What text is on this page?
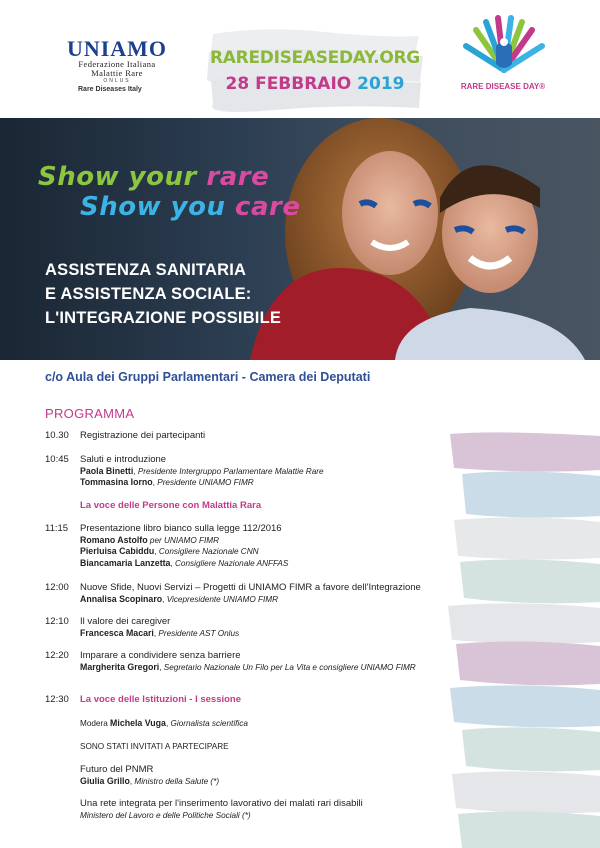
UNIAMO
Federazione Italiana
Malattie Rare
ONLUS
Rare Diseases Italy
RAREDISEASEDAY.ORG
28 FEBBRAIO 2019	RARE DISEASE DAY®
Show your rare
Show you care
ASSISTENZA SANITARIA
E ASSISTENZA SOCIALE:
L'INTEGRAZIONE POSSIBILE
c/o Aula dei Gruppi Parlamentari - Camera dei Deputati
PROGRAMMA
10.30 Registrazione dei partecipanti
10:45 Saluti e introduzione
Paola Binetti, Presidente Intergruppo Parlamentare Malattie Rare
Tommasina Iorno, Presidente UNIAMO FIMR
La voce delle Persone con Malattia Rara
11:15 Presentazione libro bianco sulla legge 112/2016
Romano Astolfo per UNIAMO FIMR
Pierluisa Cabiddu, Consigliere Nazionale CNN
Biancamaria Lanzetta, Consigliere Nazionale ANFFAS
12:00 Nuove Sfide, Nuovi Servizi – Progetti di UNIAMO FIMR a favore dell'Integrazione
Annalisa Scopinaro, Vicepresidente UNIAMO FIMR
12:10 Il valore dei caregiver
Francesca Macari, Presidente AST Onlus
12:20 Imparare a condividere senza barriere
Margherita Gregori, Segretario Nazionale Un Filo per La Vita e consigliere UNIAMO FIMR
12:30 La voce delle Istituzioni - I sessione
Modera Michela Vuga, Giornalista scientifica
SONO STATI INVITATI A PARTECIPARE
Futuro del PNMR
Giulia Grillo, Ministro della Salute (*)
Una rete integrata per l'inserimento lavorativo dei malati rari disabili
Ministero del Lavoro e delle Politiche Sociali (*)
